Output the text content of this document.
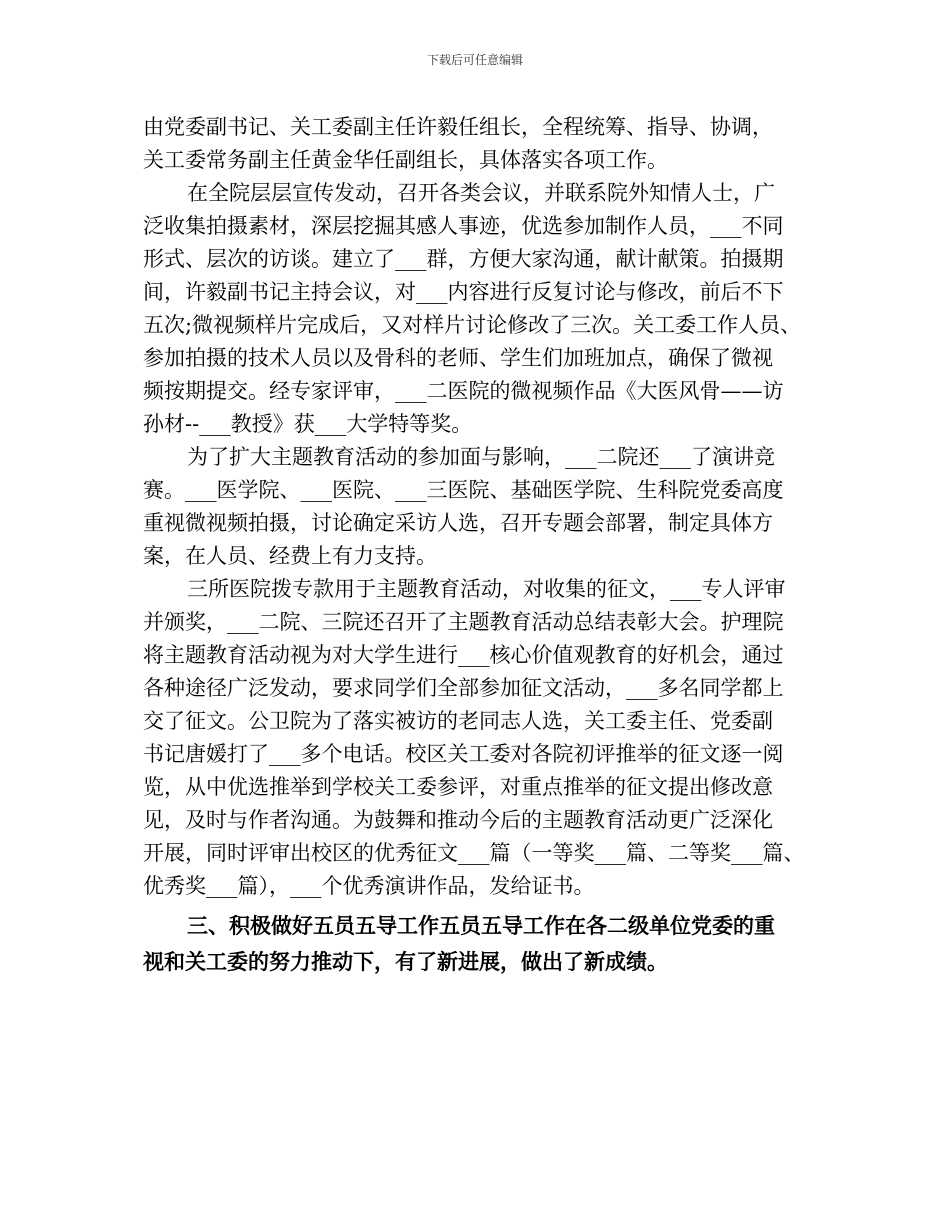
下载后可任意编辑
由党委副书记、关工委副主任许毅任组长，全程统筹、指导、协调，
关工委常务副主任黄金华任副组长，具体落实各项工作。
在全院层层宣传发动，召开各类会议，并联系院外知情人士，广
泛收集拍摄素材，深层挖掘其感人事迹，优选参加制作人员，___不同
形式、层次的访谈。建立了___群，方便大家沟通，献计献策。拍摄期
间，许毅副书记主持会议，对___内容进行反复讨论与修改，前后不下
五次;微视频样片完成后，又对样片讨论修改了三次。关工委工作人员、
参加拍摄的技术人员以及骨科的老师、学生们加班加点，确保了微视
频按期提交。经专家评审，___二医院的微视频作品《大医风骨——访
孙材--___教授》获___大学特等奖。
为了扩大主题教育活动的参加面与影响，___二院还___了演讲竞
赛。___医学院、___医院、___三医院、基础医学院、生科院党委高度
重视微视频拍摄，讨论确定采访人选，召开专题会部署，制定具体方
案，在人员、经费上有力支持。
三所医院拨专款用于主题教育活动，对收集的征文，___专人评审
并颁奖，___二院、三院还召开了主题教育活动总结表彰大会。护理院
将主题教育活动视为对大学生进行___核心价值观教育的好机会，通过
各种途径广泛发动，要求同学们全部参加征文活动，___多名同学都上
交了征文。公卫院为了落实被访的老同志人选，关工委主任、党委副
书记唐媛打了___多个电话。校区关工委对各院初评推举的征文逐一阅
览，从中优选推举到学校关工委参评，对重点推举的征文提出修改意
见，及时与作者沟通。为鼓舞和推动今后的主题教育活动更广泛深化
开展，同时评审出校区的优秀征文___篇（一等奖___篇、二等奖___篇、
优秀奖___篇），___个优秀演讲作品，发给证书。
三、积极做好五员五导工作五员五导工作在各二级单位党委的重
视和关工委的努力推动下，有了新进展，做出了新成绩。
